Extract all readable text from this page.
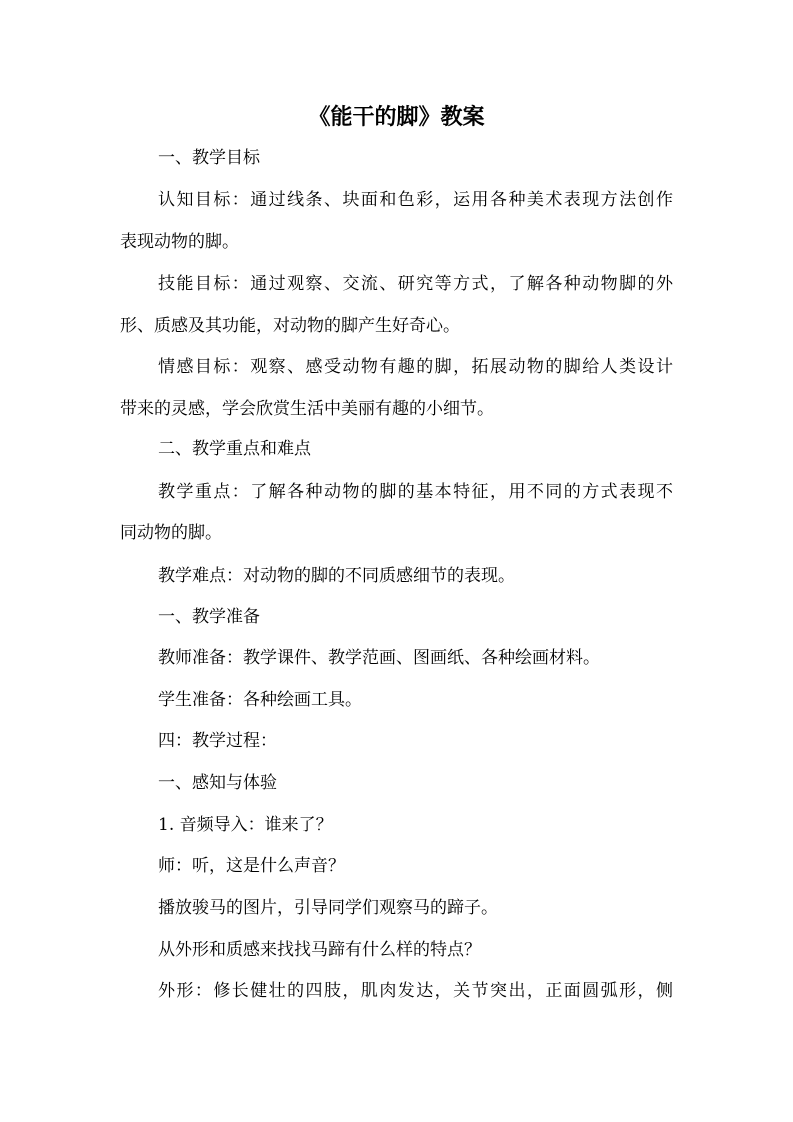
《能干的脚》教案

一、教学目标

认知目标：通过线条、块面和色彩，运用各种美术表现方法创作

表现动物的脚。

技能目标：通过观察、交流、研究等方式，了解各种动物脚的外

形、质感及其功能，对动物的脚产生好奇心。

情感目标：观察、感受动物有趣的脚，拓展动物的脚给人类设计

带来的灵感，学会欣赏生活中美丽有趣的小细节。

二、教学重点和难点

教学重点：了解各种动物的脚的基本特征，用不同的方式表现不

同动物的脚。

教学难点：对动物的脚的不同质感细节的表现。

一、教学准备

教师准备：教学课件、教学范画、图画纸、各种绘画材料。

学生准备：各种绘画工具。

四：教学过程：

一、感知与体验

1. 音频导入：谁来了？

师：听，这是什么声音？

播放骏马的图片，引导同学们观察马的蹄子。

从外形和质感来找找马蹄有什么样的特点？

外形：修长健壮的四肢，肌肉发达，关节突出，正面圆弧形，侧
